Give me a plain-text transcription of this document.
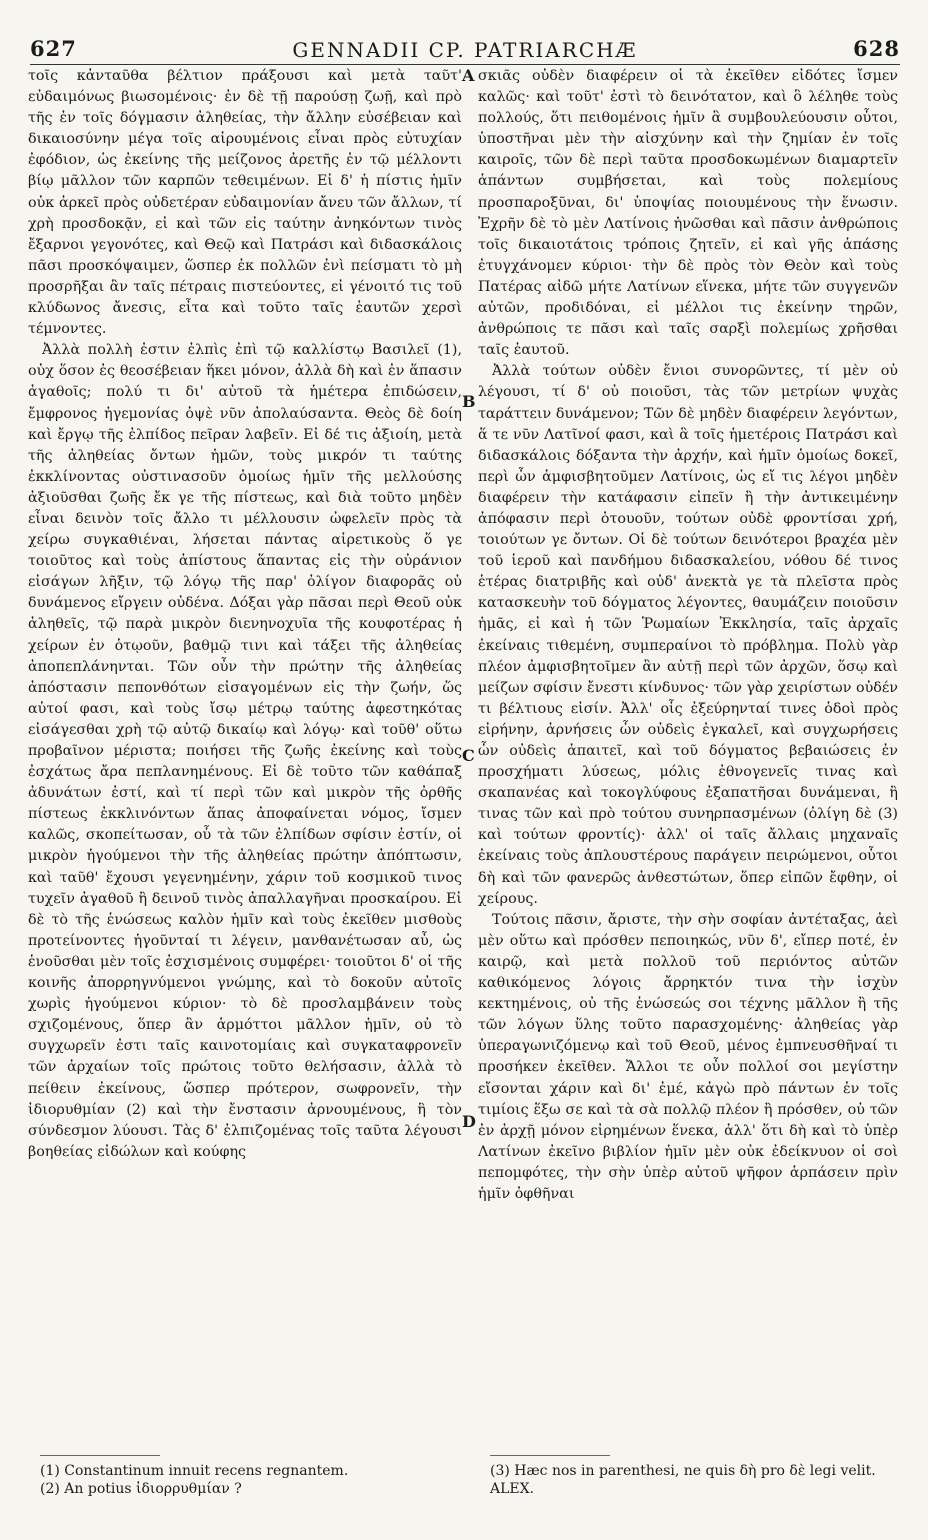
627	GENNADII CP. PATRIARCHÆ	628
A
B
C
D

τοῖς κἀνταῦθα βέλτιον πράξουσι καὶ μετὰ ταῦτ' εὐδαιμόνως βιωσομένοις· ἐν δὲ τῇ παρούσῃ ζωῇ, καὶ πρὸ τῆς ἐν τοῖς δόγμασιν ἀληθείας, τὴν ἄλλην εὐσέβειαν καὶ δικαιοσύνην μέγα τοῖς αἱρουμένοις εἶναι πρὸς εὐτυχίαν ἐφόδιον, ὡς ἐκείνης τῆς μείζονος ἀρετῆς ἐν τῷ μέλλοντι βίῳ μᾶλλον τῶν καρπῶν τεθειμένων. Εἰ δ' ἡ πίστις ἡμῖν οὐκ ἀρκεῖ πρὸς οὐδετέραν εὐδαιμονίαν ἄνευ τῶν ἄλλων, τί χρὴ προσδοκᾷν, εἰ καὶ τῶν εἰς ταύτην ἀνηκόντων τινὸς ἔξαρνοι γεγονότες, καὶ Θεῷ καὶ Πατράσι καὶ διδασκάλοις πᾶσι προσκόψαιμεν, ὥσπερ ἐκ πολλῶν ἐνὶ πείσματι τὸ μὴ προσρῆξαι ἂν ταῖς πέτραις πιστεύοντες, εἰ γένοιτό τις τοῦ κλύδωνος ἄνεσις, εἶτα καὶ τοῦτο ταῖς ἑαυτῶν χερσὶ τέμνοντες.

Ἀλλὰ πολλὴ ἐστιν ἐλπὶς ἐπὶ τῷ καλλίστῳ Βασιλεῖ (1), οὐχ ὅσον ἐς θεοσέβειαν ἥκει μόνον, ἀλλὰ δὴ καὶ ἐν ἅπασιν ἀγαθοῖς; πολύ τι δι' αὐτοῦ τὰ ἡμέτερα ἐπιδώσειν, ἔμφρονος ἡγεμονίας ὀψὲ νῦν ἀπολαύσαντα. Θεὸς δὲ δοίη καὶ ἔργῳ τῆς ἐλπίδος πεῖραν λαβεῖν. Εἰ δέ τις ἀξιοίη, μετὰ τῆς ἀληθείας ὄντων ἡμῶν, τοὺς μικρόν τι ταύτης ἐκκλίνοντας οὐστινασοῦν ὁμοίως ἡμῖν τῆς μελλούσης ἀξιοῦσθαι ζωῆς ἔκ γε τῆς πίστεως, καὶ διὰ τοῦτο μηδὲν εἶναι δεινὸν τοῖς ἄλλο τι μέλλουσιν ὠφελεῖν πρὸς τὰ χείρω συγκαθιέναι, λήσεται πάντας αἱρετικοὺς ὅ γε τοιοῦτος καὶ τοὺς ἀπίστους ἅπαντας εἰς τὴν οὐράνιον εἰσάγων λῆξιν, τῷ λόγῳ τῆς παρ' ὀλίγον διαφορᾶς οὐ δυνάμενος εἴργειν οὐδένα. Δόξαι γὰρ πᾶσαι περὶ Θεοῦ οὐκ ἀληθεῖς, τῷ παρὰ μικρὸν διενηνοχυῖα τῆς κουφοτέρας ἡ χείρων ἐν ὁτῳοῦν, βαθμῷ τινι καὶ τάξει τῆς ἀληθείας ἀποπεπλάνηνται. Τῶν οὖν τὴν πρώτην τῆς ἀληθείας ἀπόστασιν πεπονθότων εἰσαγομένων εἰς τὴν ζωήν, ὥς αὐτοί φασι, καὶ τοὺς ἴσῳ μέτρῳ ταύτης ἀφεστηκότας εἰσάγεσθαι χρὴ τῷ αὐτῷ δικαίῳ καὶ λόγῳ· καὶ τοῦθ' οὕτω προβαῖνον μέριστα; ποιήσει τῆς ζωῆς ἐκείνης καὶ τοὺς ἐσχάτως ἄρα πεπλανημένους. Εἰ δὲ τοῦτο τῶν καθάπαξ ἀδυνάτων ἐστί, καὶ τί περὶ τῶν καὶ μικρὸν τῆς ὀρθῆς πίστεως ἐκκλινόντων ἅπας ἀποφαίνεται νόμος, ἴσμεν καλῶς, σκοπείτωσαν, οὗ τὰ τῶν ἐλπίδων σφίσιν ἐστίν, οἱ μικρὸν ἡγούμενοι τὴν τῆς ἀληθείας πρώτην ἀπόπτωσιν, καὶ ταῦθ' ἔχουσι γεγενημένην, χάριν τοῦ κοσμικοῦ τινος τυχεῖν ἀγαθοῦ ἢ δεινοῦ τινὸς ἀπαλλαγῆναι προσκαίρου. Εἰ δὲ τὸ τῆς ἑνώσεως καλὸν ἡμῖν καὶ τοὺς ἐκεῖθεν μισθοὺς προτείνοντες ἡγοῦνταί τι λέγειν, μανθανέτωσαν αὖ, ὡς ἑνοῦσθαι μὲν τοῖς ἐσχισμένοις συμφέρει· τοιοῦτοι δ' οἱ τῆς κοινῆς ἀπορρηγνύμενοι γνώμης, καὶ τὸ δοκοῦν αὐτοῖς χωρὶς ἡγούμενοι κύριον· τὸ δὲ προσλαμβάνειν τοὺς σχιζομένους, ὅπερ ἂν ἁρμόττοι μᾶλλον ἡμῖν, οὐ τὸ συγχωρεῖν ἐστι ταῖς καινοτομίαις καὶ συγκαταφρονεῖν τῶν ἀρχαίων τοῖς πρώτοις τοῦτο θελήσασιν, ἀλλὰ τὸ πείθειν ἐκείνους, ὥσπερ πρότερον, σωφρονεῖν, τὴν ἰδιορυθμίαν (2) καὶ τὴν ἔνστασιν ἀρνουμένους, ἣ τὸν σύνδεσμον λύουσι. Τὰς δ' ἐλπιζομένας τοῖς ταῦτα λέγουσι βοηθείας εἰδώλων καὶ κούφης

σκιᾶς οὐδὲν διαφέρειν οἱ τὰ ἐκεῖθεν εἰδότες ἴσμεν καλῶς· καὶ τοῦτ' ἐστὶ τὸ δεινότατον, καὶ ὃ λέληθε τοὺς πολλούς, ὅτι πειθομένοις ἡμῖν ἃ συμβουλεύουσιν οὗτοι, ὑποστῆναι μὲν τὴν αἰσχύνην καὶ τὴν ζημίαν ἐν τοῖς καιροῖς, τῶν δὲ περὶ ταῦτα προσδοκωμένων διαμαρτεῖν ἁπάντων συμβήσεται, καὶ τοὺς πολεμίους προσπαροξῦναι, δι' ὑποψίας ποιουμένους τὴν ἕνωσιν. Ἐχρῆν δὲ τὸ μὲν Λατίνοις ἡνῶσθαι καὶ πᾶσιν ἀνθρώποις τοῖς δικαιοτάτοις τρόποις ζητεῖν, εἰ καὶ γῆς ἁπάσης ἐτυγχάνομεν κύριοι· τὴν δὲ πρὸς τὸν Θεὸν καὶ τοὺς Πατέρας αἰδῶ μήτε Λατίνων εἵνεκα, μήτε τῶν συγγενῶν αὐτῶν, προδιδόναι, εἰ μέλλοι τις ἐκείνην τηρῶν, ἀνθρώποις τε πᾶσι καὶ ταῖς σαρξὶ πολεμίως χρῆσθαι ταῖς ἑαυτοῦ.

Ἀλλὰ τούτων οὐδὲν ἔνιοι συνορῶντες, τί μὲν οὐ λέγουσι, τί δ' οὐ ποιοῦσι, τὰς τῶν μετρίων ψυχὰς ταράττειν δυνάμενον; Τῶν δὲ μηδὲν διαφέρειν λεγόντων, ἅ τε νῦν Λατῖνοί φασι, καὶ ἃ τοῖς ἡμετέροις Πατράσι καὶ διδασκάλοις δόξαντα τὴν ἀρχήν, καὶ ἡμῖν ὁμοίως δοκεῖ, περὶ ὧν ἀμφισβητοῦμεν Λατίνοις, ὡς εἴ τις λέγοι μηδὲν διαφέρειν τὴν κατάφασιν εἰπεῖν ἢ τὴν ἀντικειμένην ἀπόφασιν περὶ ὁτουοῦν, τούτων οὐδὲ φροντίσαι χρή, τοιούτων γε ὄντων. Οἱ δὲ τούτων δεινότεροι βραχέα μὲν τοῦ ἱεροῦ καὶ πανδήμου διδασκαλείου, νόθου δέ τινος ἑτέρας διατριβῆς καὶ οὐδ' ἀνεκτὰ γε τὰ πλεῖστα πρὸς κατασκευὴν τοῦ δόγματος λέγοντες, θαυμάζειν ποιοῦσιν ἡμᾶς, εἰ καὶ ἡ τῶν Ῥωμαίων Ἐκκλησία, ταῖς ἀρχαῖς ἐκείναις τιθεμένη, συμπεραίνοι τὸ πρόβλημα. Πολὺ γὰρ πλέον ἀμφισβητοῖμεν ἂν αὐτῇ περὶ τῶν ἀρχῶν, ὅσῳ καὶ μείζων σφίσιν ἔνεστι κίνδυνος· τῶν γὰρ χειρίστων οὐδέν τι βέλτιους εἰσίν. Ἀλλ' οἷς ἐξεύρηνταί τινες ὁδοὶ πρὸς εἰρήνην, ἀρνήσεις ὧν οὐδεὶς ἐγκαλεῖ, καὶ συγχωρήσεις ὧν οὐδεὶς ἀπαιτεῖ, καὶ τοῦ δόγματος βεβαιώσεις ἐν προσχήματι λύσεως, μόλις ἐθνογενεῖς τινας καὶ σκαπανέας καὶ τοκογλύφους ἐξαπατῆσαι δυνάμεναι, ἢ τινας τῶν καὶ πρὸ τούτου συνηρπασμένων (ὀλίγη δὲ (3) καὶ τούτων φροντίς)· ἀλλ' οἱ ταῖς ἄλλαις μηχαναῖς ἐκείναις τοὺς ἁπλουστέρους παράγειν πειρώμενοι, οὗτοι δὴ καὶ τῶν φανερῶς ἀνθεστώτων, ὅπερ εἰπῶν ἔφθην, οἱ χείρους.

Τούτοις πᾶσιν, ἄριστε, τὴν σὴν σοφίαν ἀντέταξας, ἀεὶ μὲν οὕτω καὶ πρόσθεν πεποιηκώς, νῦν δ', εἴπερ ποτέ, ἐν καιρῷ, καὶ μετὰ πολλοῦ τοῦ περιόντος αὐτῶν καθικόμενος λόγοις ἄρρηκτόν τινα τὴν ἰσχὺν κεκτημένοις, οὐ τῆς ἑνώσεώς σοι τέχνης μᾶλλον ἢ τῆς τῶν λόγων ὕλης τοῦτο παρασχομένης· ἀληθείας γὰρ ὑπεραγωνιζόμενῳ καὶ τοῦ Θεοῦ, μένος ἐμπνευσθῆναί τι προσήκεν ἐκεῖθεν. Ἄλλοι τε οὖν πολλοί σοι μεγίστην εἴσονται χάριν καὶ δι' ἐμέ, κἀγὼ πρὸ πάντων ἐν τοῖς τιμίοις ἕξω σε καὶ τὰ σὰ πολλῷ πλέον ἢ πρόσθεν, οὐ τῶν ἐν ἀρχῇ μόνον εἰρημένων ἕνεκα, ἀλλ' ὅτι δὴ καὶ τὸ ὑπὲρ Λατίνων ἐκεῖνο βιβλίον ἡμῖν μὲν οὐκ ἐδείκνυον οἱ σοὶ πεπομφότες, τὴν σὴν ὑπὲρ αὐτοῦ ψῆφον ἁρπάσειν πρὶν ἡμῖν ὀφθῆναι

(1) Constantinum innuit recens regnantem.
(2) An potius ἰδιορρυθμίαν ?
(3) Hæc nos in parenthesi, ne quis δὴ pro δὲ legi velit. ALEX.
